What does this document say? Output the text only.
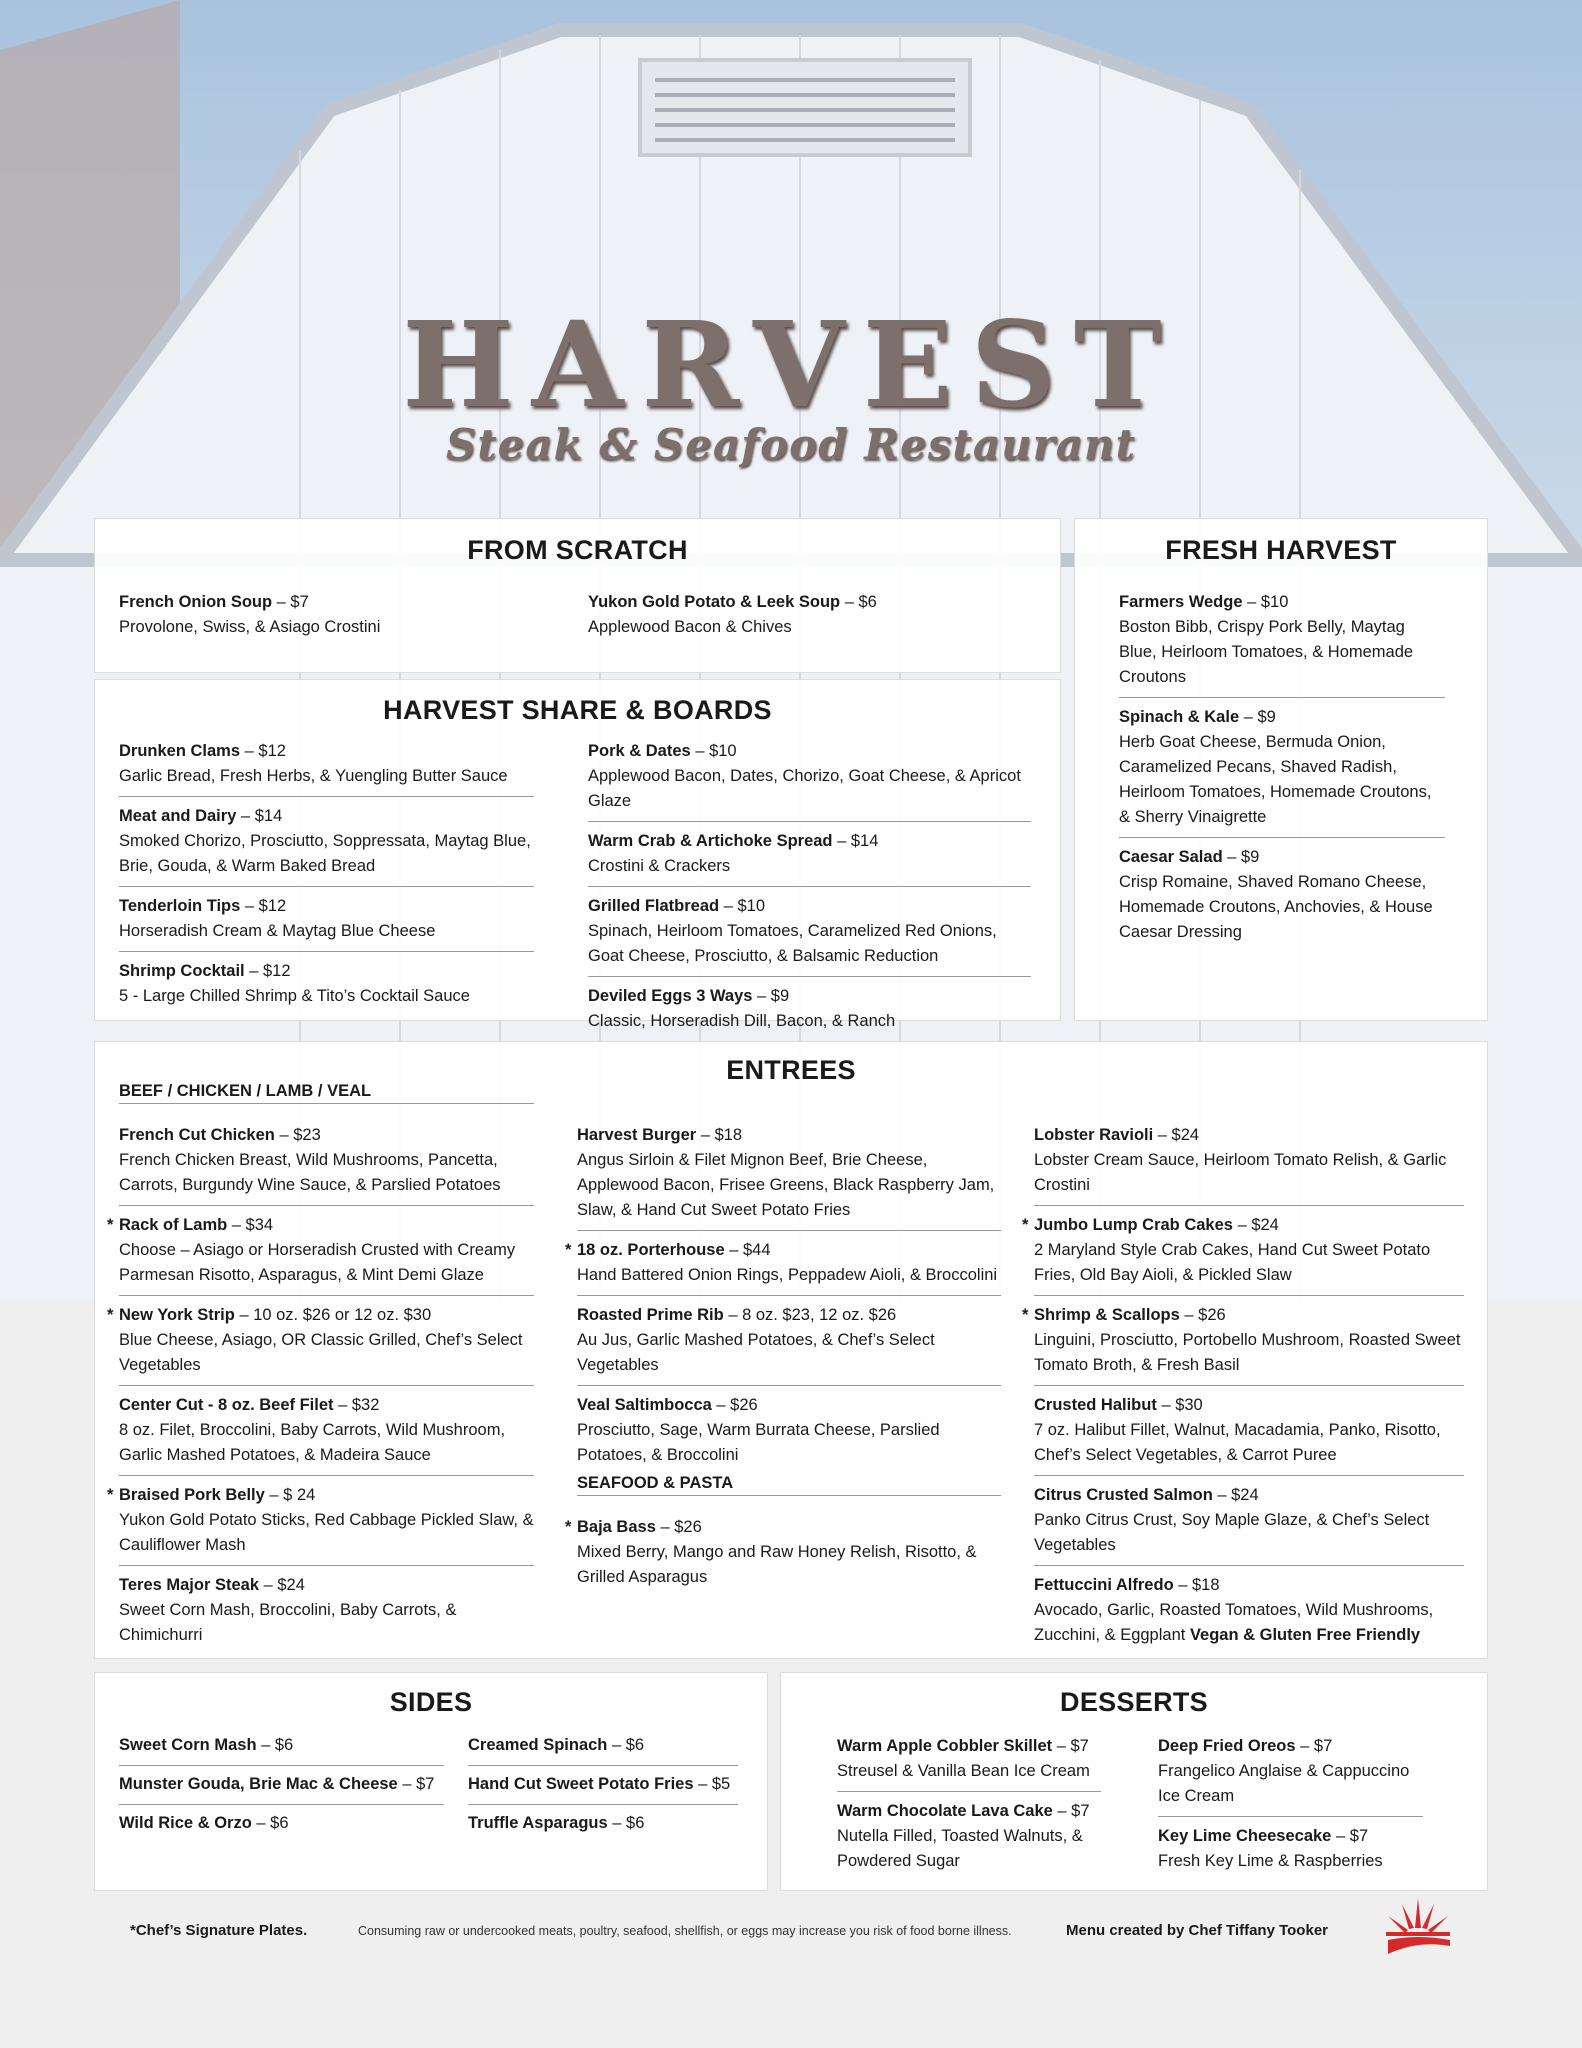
HARVEST
Steak & Seafood Restaurant
FROM SCRATCH
French Onion Soup – $7
Provolone, Swiss, & Asiago Crostini
Yukon Gold Potato & Leek Soup – $6
Applewood Bacon & Chives
HARVEST SHARE & BOARDS
Drunken Clams – $12
Garlic Bread, Fresh Herbs, & Yuengling Butter Sauce
Meat and Dairy – $14
Smoked Chorizo, Prosciutto, Soppressata, Maytag Blue, Brie, Gouda, & Warm Baked Bread
Tenderloin Tips – $12
Horseradish Cream & Maytag Blue Cheese
Shrimp Cocktail – $12
5 - Large Chilled Shrimp & Tito’s Cocktail Sauce
Pork & Dates – $10
Applewood Bacon, Dates, Chorizo, Goat Cheese, & Apricot Glaze
Warm Crab & Artichoke Spread – $14
Crostini & Crackers
Grilled Flatbread – $10
Spinach, Heirloom Tomatoes, Caramelized Red Onions, Goat Cheese, Prosciutto, & Balsamic Reduction
Deviled Eggs 3 Ways – $9
Classic, Horseradish Dill, Bacon, & Ranch
FRESH HARVEST
Farmers Wedge – $10
Boston Bibb, Crispy Pork Belly, Maytag Blue, Heirloom Tomatoes, & Homemade Croutons
Spinach & Kale – $9
Herb Goat Cheese, Bermuda Onion, Caramelized Pecans, Shaved Radish, Heirloom Tomatoes, Homemade Croutons, & Sherry Vinaigrette
Caesar Salad – $9
Crisp Romaine, Shaved Romano Cheese, Homemade Croutons, Anchovies, & House Caesar Dressing
ENTREES
BEEF / CHICKEN / LAMB / VEAL
French Cut Chicken – $23
French Chicken Breast, Wild Mushrooms, Pancetta, Carrots, Burgundy Wine Sauce, & Parslied Potatoes
* Rack of Lamb – $34
Choose – Asiago or Horseradish Crusted with Creamy Parmesan Risotto, Asparagus, & Mint Demi Glaze
* New York Strip – 10 oz. $26 or 12 oz. $30
Blue Cheese, Asiago, OR Classic Grilled, Chef’s Select Vegetables
Center Cut - 8 oz. Beef Filet – $32
8 oz. Filet, Broccolini, Baby Carrots, Wild Mushroom, Garlic Mashed Potatoes, & Madeira Sauce
* Braised Pork Belly – $ 24
Yukon Gold Potato Sticks, Red Cabbage Pickled Slaw, & Cauliflower Mash
Teres Major Steak – $24
Sweet Corn Mash, Broccolini, Baby Carrots, & Chimichurri
Harvest Burger – $18
Angus Sirloin & Filet Mignon Beef, Brie Cheese, Applewood Bacon, Frisee Greens, Black Raspberry Jam, Slaw, & Hand Cut Sweet Potato Fries
* 18 oz. Porterhouse – $44
Hand Battered Onion Rings, Peppadew Aioli, & Broccolini
Roasted Prime Rib – 8 oz. $23, 12 oz. $26
Au Jus, Garlic Mashed Potatoes, & Chef’s Select Vegetables
Veal Saltimbocca – $26
Prosciutto, Sage, Warm Burrata Cheese, Parslied Potatoes, & Broccolini
SEAFOOD & PASTA
* Baja Bass – $26
Mixed Berry, Mango and Raw Honey Relish, Risotto, & Grilled Asparagus
Lobster Ravioli – $24
Lobster Cream Sauce, Heirloom Tomato Relish, & Garlic Crostini
* Jumbo Lump Crab Cakes – $24
2 Maryland Style Crab Cakes, Hand Cut Sweet Potato Fries, Old Bay Aioli, & Pickled Slaw
* Shrimp & Scallops – $26
Linguini, Prosciutto, Portobello Mushroom, Roasted Sweet Tomato Broth, & Fresh Basil
Crusted Halibut – $30
7 oz. Halibut Fillet, Walnut, Macadamia, Panko, Risotto, Chef’s Select Vegetables, & Carrot Puree
Citrus Crusted Salmon – $24
Panko Citrus Crust, Soy Maple Glaze, & Chef’s Select Vegetables
Fettuccini Alfredo – $18
Avocado, Garlic, Roasted Tomatoes, Wild Mushrooms, Zucchini, & Eggplant Vegan & Gluten Free Friendly
SIDES
Sweet Corn Mash – $6
Munster Gouda, Brie Mac & Cheese – $7
Wild Rice & Orzo – $6
Creamed Spinach – $6
Hand Cut Sweet Potato Fries – $5
Truffle Asparagus – $6
DESSERTS
Warm Apple Cobbler Skillet – $7
Streusel & Vanilla Bean Ice Cream
Warm Chocolate Lava Cake – $7
Nutella Filled, Toasted Walnuts, & Powdered Sugar
Deep Fried Oreos – $7
Frangelico Anglaise & Cappuccino Ice Cream
Key Lime Cheesecake – $7
Fresh Key Lime & Raspberries
*Chef’s Signature Plates.	Consuming raw or undercooked meats, poultry, seafood, shellfish, or eggs may increase you risk of food borne illness.	Menu created by Chef Tiffany Tooker
